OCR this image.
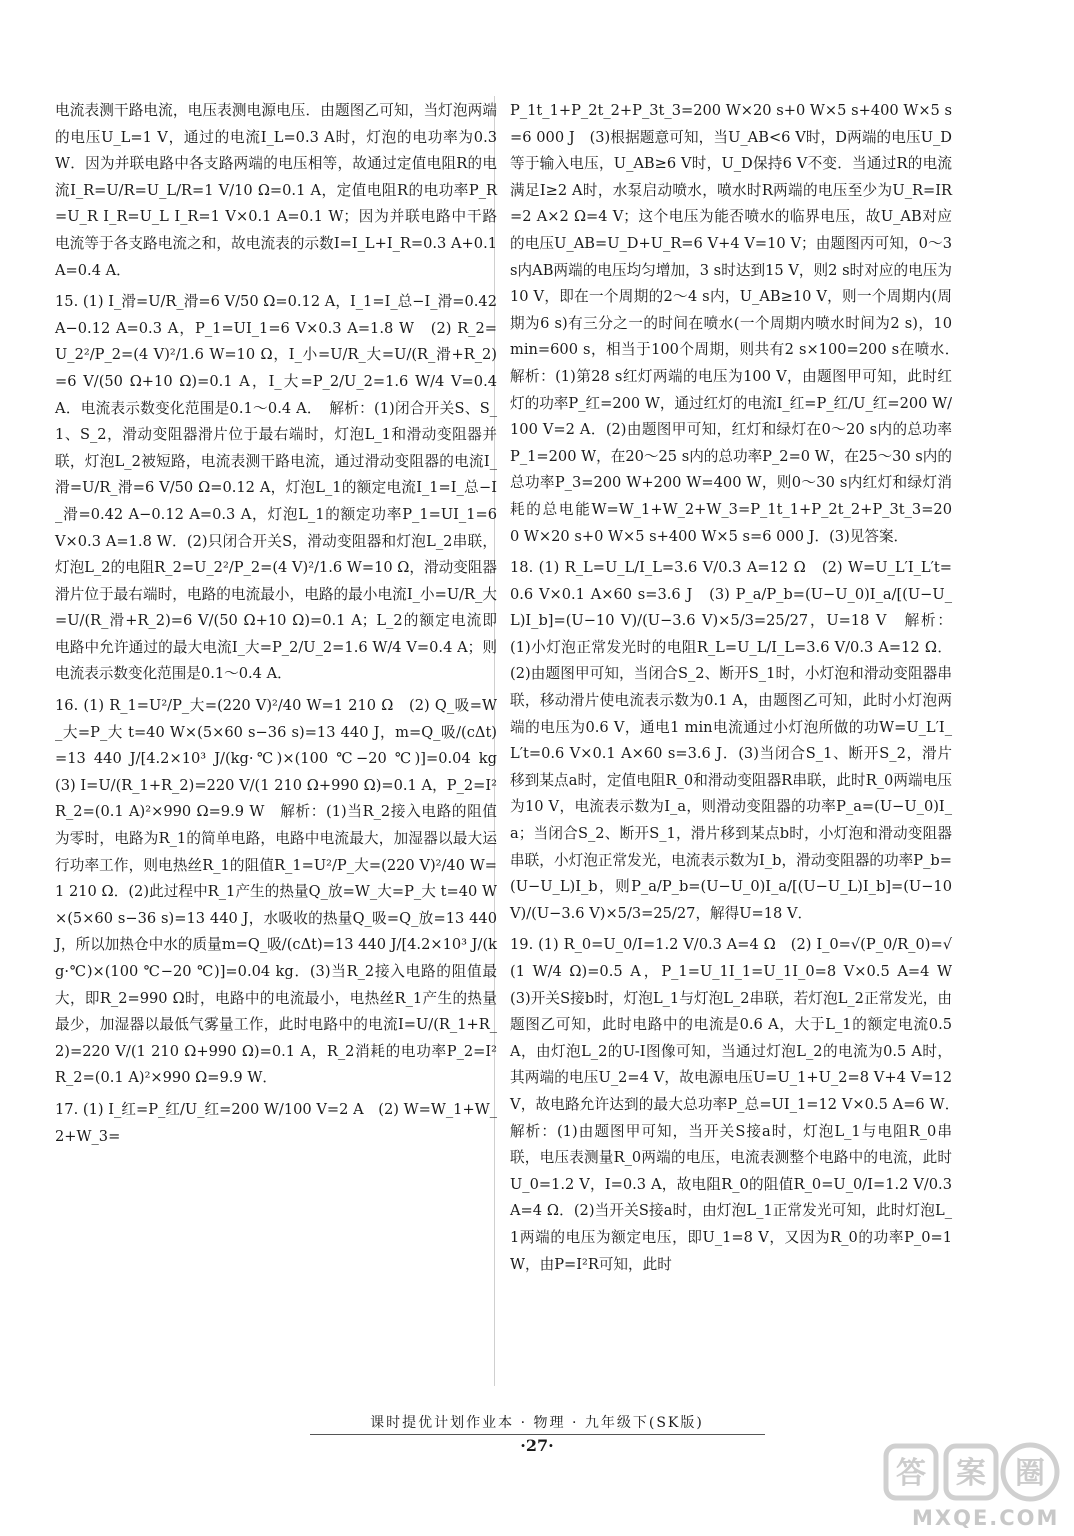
电流表测干路电流，电压表测电源电压．由题图乙可知，当灯泡两端的电压U_L=1 V，通过的电流I_L=0.3 A时，灯泡的电功率为0.3 W．因为并联电路中各支路两端的电压相等，故通过定值电阻R的电流I_R=U/R=U_L/R=1 V/10 Ω=0.1 A，定值电阻R的电功率P_R=U_R I_R=U_L I_R=1 V×0.1 A=0.1 W；因为并联电路中干路电流等于各支路电流之和，故电流表的示数I=I_L+I_R=0.3 A+0.1 A=0.4 A．

15. (1) I_滑=U/R_滑=6 V/50 Ω=0.12 A，I_1=I_总−I_滑=0.42 A−0.12 A=0.3 A，P_1=UI_1=6 V×0.3 A=1.8 W　(2) R_2=U_2²/P_2=(4 V)²/1.6 W=10 Ω，I_小=U/R_大=U/(R_滑+R_2)=6 V/(50 Ω+10 Ω)=0.1 A，I_大=P_2/U_2=1.6 W/4 V=0.4 A．电流表示数变化范围是0.1～0.4 A．　解析：(1)闭合开关S、S_1、S_2，滑动变阻器滑片位于最右端时，灯泡L_1和滑动变阻器并联，灯泡L_2被短路，电流表测干路电流，通过滑动变阻器的电流I_滑=U/R_滑=6 V/50 Ω=0.12 A，灯泡L_1的额定电流I_1=I_总−I_滑=0.42 A−0.12 A=0.3 A，灯泡L_1的额定功率P_1=UI_1=6 V×0.3 A=1.8 W．(2)只闭合开关S，滑动变阻器和灯泡L_2串联，灯泡L_2的电阻R_2=U_2²/P_2=(4 V)²/1.6 W=10 Ω，滑动变阻器滑片位于最右端时，电路的电流最小，电路的最小电流I_小=U/R_大=U/(R_滑+R_2)=6 V/(50 Ω+10 Ω)=0.1 A；L_2的额定电流即电路中允许通过的最大电流I_大=P_2/U_2=1.6 W/4 V=0.4 A；则电流表示数变化范围是0.1～0.4 A．

16. (1) R_1=U²/P_大=(220 V)²/40 W=1 210 Ω　(2) Q_吸=W_大=P_大 t=40 W×(5×60 s−36 s)=13 440 J，m=Q_吸/(cΔt)=13 440 J/[4.2×10³ J/(kg·℃)×(100 ℃−20 ℃)]=0.04 kg　(3) I=U/(R_1+R_2)=220 V/(1 210 Ω+990 Ω)=0.1 A，P_2=I²R_2=(0.1 A)²×990 Ω=9.9 W　解析：(1)当R_2接入电路的阻值为零时，电路为R_1的简单电路，电路中电流最大，加湿器以最大运行功率工作，则电热丝R_1的阻值R_1=U²/P_大=(220 V)²/40 W=1 210 Ω．(2)此过程中R_1产生的热量Q_放=W_大=P_大 t=40 W×(5×60 s−36 s)=13 440 J，水吸收的热量Q_吸=Q_放=13 440 J，所以加热仓中水的质量m=Q_吸/(cΔt)=13 440 J/[4.2×10³ J/(kg·℃)×(100 ℃−20 ℃)]=0.04 kg．(3)当R_2接入电路的阻值最大，即R_2=990 Ω时，电路中的电流最小，电热丝R_1产生的热量最少，加湿器以最低气雾量工作，此时电路中的电流I=U/(R_1+R_2)=220 V/(1 210 Ω+990 Ω)=0.1 A，R_2消耗的电功率P_2=I²R_2=(0.1 A)²×990 Ω=9.9 W．

17. (1) I_红=P_红/U_红=200 W/100 V=2 A　(2) W=W_1+W_2+W_3=

P_1t_1+P_2t_2+P_3t_3=200 W×20 s+0 W×5 s+400 W×5 s=6 000 J　(3)根据题意可知，当U_AB<6 V时，D两端的电压U_D等于输入电压，U_AB≥6 V时，U_D保持6 V不变．当通过R的电流满足I≥2 A时，水泵启动喷水，喷水时R两端的电压至少为U_R=IR=2 A×2 Ω=4 V；这个电压为能否喷水的临界电压，故U_AB对应的电压U_AB=U_D+U_R=6 V+4 V=10 V；由题图丙可知，0～3 s内AB两端的电压均匀增加，3 s时达到15 V，则2 s时对应的电压为10 V，即在一个周期的2～4 s内，U_AB≥10 V，则一个周期内(周期为6 s)有三分之一的时间在喷水(一个周期内喷水时间为2 s)，10 min=600 s，相当于100个周期，则共有2 s×100=200 s在喷水．　解析：(1)第28 s红灯两端的电压为100 V，由题图甲可知，此时红灯的功率P_红=200 W，通过红灯的电流I_红=P_红/U_红=200 W/100 V=2 A．(2)由题图甲可知，红灯和绿灯在0～20 s内的总功率P_1=200 W，在20～25 s内的总功率P_2=0 W，在25～30 s内的总功率P_3=200 W+200 W=400 W，则0～30 s内红灯和绿灯消耗的总电能W=W_1+W_2+W_3=P_1t_1+P_2t_2+P_3t_3=200 W×20 s+0 W×5 s+400 W×5 s=6 000 J．(3)见答案．

18. (1) R_L=U_L/I_L=3.6 V/0.3 A=12 Ω　(2) W=U_L′I_L′t=0.6 V×0.1 A×60 s=3.6 J　(3) P_a/P_b=(U−U_0)I_a/[(U−U_L)I_b]=(U−10 V)/(U−3.6 V)×5/3=25/27，U=18 V　解析：(1)小灯泡正常发光时的电阻R_L=U_L/I_L=3.6 V/0.3 A=12 Ω．(2)由题图甲可知，当闭合S_2、断开S_1时，小灯泡和滑动变阻器串联，移动滑片使电流表示数为0.1 A，由题图乙可知，此时小灯泡两端的电压为0.6 V，通电1 min电流通过小灯泡所做的功W=U_L′I_L′t=0.6 V×0.1 A×60 s=3.6 J．(3)当闭合S_1、断开S_2，滑片移到某点a时，定值电阻R_0和滑动变阻器R串联，此时R_0两端电压为10 V，电流表示数为I_a，则滑动变阻器的功率P_a=(U−U_0)I_a；当闭合S_2、断开S_1，滑片移到某点b时，小灯泡和滑动变阻器串联，小灯泡正常发光，电流表示数为I_b，滑动变阻器的功率P_b=(U−U_L)I_b，则P_a/P_b=(U−U_0)I_a/[(U−U_L)I_b]=(U−10 V)/(U−3.6 V)×5/3=25/27，解得U=18 V．

19. (1) R_0=U_0/I=1.2 V/0.3 A=4 Ω　(2) I_0=√(P_0/R_0)=√(1 W/4 Ω)=0.5 A，P_1=U_1I_1=U_1I_0=8 V×0.5 A=4 W　(3)开关S接b时，灯泡L_1与灯泡L_2串联，若灯泡L_2正常发光，由题图乙可知，此时电路中的电流是0.6 A，大于L_1的额定电流0.5 A，由灯泡L_2的U-I图像可知，当通过灯泡L_2的电流为0.5 A时，其两端的电压U_2=4 V，故电源电压U=U_1+U_2=8 V+4 V=12 V，故电路允许达到的最大总功率P_总=UI_1=12 V×0.5 A=6 W．　解析：(1)由题图甲可知，当开关S接a时，灯泡L_1与电阻R_0串联，电压表测量R_0两端的电压，电流表测整个电路中的电流，此时U_0=1.2 V，I=0.3 A，故电阻R_0的阻值R_0=U_0/I=1.2 V/0.3 A=4 Ω．(2)当开关S接a时，由灯泡L_1正常发光可知，此时灯泡L_1两端的电压为额定电压，即U_1=8 V，又因为R_0的功率P_0=1 W，由P=I²R可知，此时

课时提优计划作业本 · 物理 · 九年级下(SK版)
·27·
答 案 圈
MXQE.COM
